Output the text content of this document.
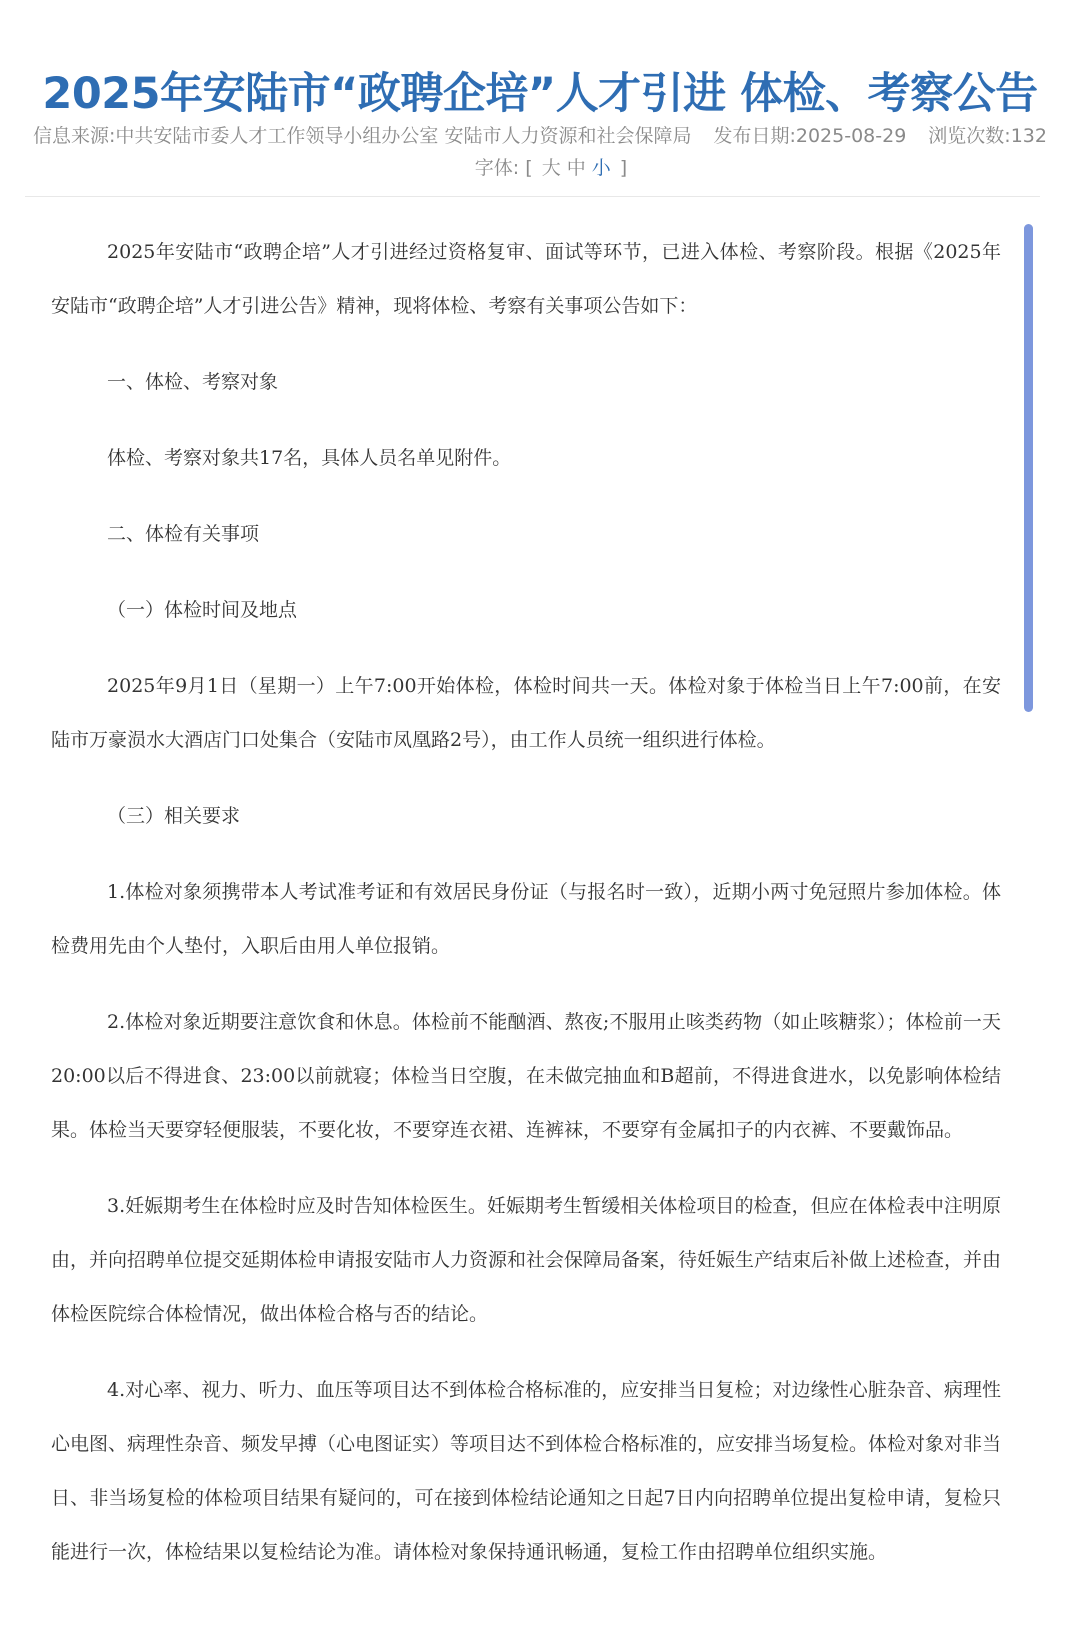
2025年安陆市“政聘企培”人才引进 体检、考察公告
信息来源:中共安陆市委人才工作领导小组办公室 安陆市人力资源和社会保障局 发布日期:2025-08-29 浏览次数:132字体: [ 大 中 小 ]

2025年安陆市“政聘企培”人才引进经过资格复审、面试等环节，已进入体检、考察阶段。根据《2025年安陆市“政聘企培”人才引进公告》精神，现将体检、考察有关事项公告如下：

一、体检、考察对象

体检、考察对象共17名，具体人员名单见附件。

二、体检有关事项

（一）体检时间及地点

2025年9月1日（星期一）上午7:00开始体检，体检时间共一天。体检对象于体检当日上午7:00前，在安陆市万豪涢水大酒店门口处集合（安陆市凤凰路2号），由工作人员统一组织进行体检。

（三）相关要求

1.体检对象须携带本人考试准考证和有效居民身份证（与报名时一致），近期小两寸免冠照片参加体检。体检费用先由个人垫付，入职后由用人单位报销。

2.体检对象近期要注意饮食和休息。体检前不能酗酒、熬夜;不服用止咳类药物（如止咳糖浆）；体检前一天20:00以后不得进食、23:00以前就寝；体检当日空腹，在未做完抽血和B超前，不得进食进水，以免影响体检结果。体检当天要穿轻便服装，不要化妆，不要穿连衣裙、连裤袜，不要穿有金属扣子的内衣裤、不要戴饰品。

3.妊娠期考生在体检时应及时告知体检医生。妊娠期考生暂缓相关体检项目的检查，但应在体检表中注明原由，并向招聘单位提交延期体检申请报安陆市人力资源和社会保障局备案，待妊娠生产结束后补做上述检查，并由体检医院综合体检情况，做出体检合格与否的结论。

4.对心率、视力、听力、血压等项目达不到体检合格标准的，应安排当日复检；对边缘性心脏杂音、病理性心电图、病理性杂音、频发早搏（心电图证实）等项目达不到体检合格标准的，应安排当场复检。体检对象对非当日、非当场复检的体检项目结果有疑问的，可在接到体检结论通知之日起7日内向招聘单位提出复检申请，复检只能进行一次，体检结果以复检结论为准。请体检对象保持通讯畅通，复检工作由招聘单位组织实施。
